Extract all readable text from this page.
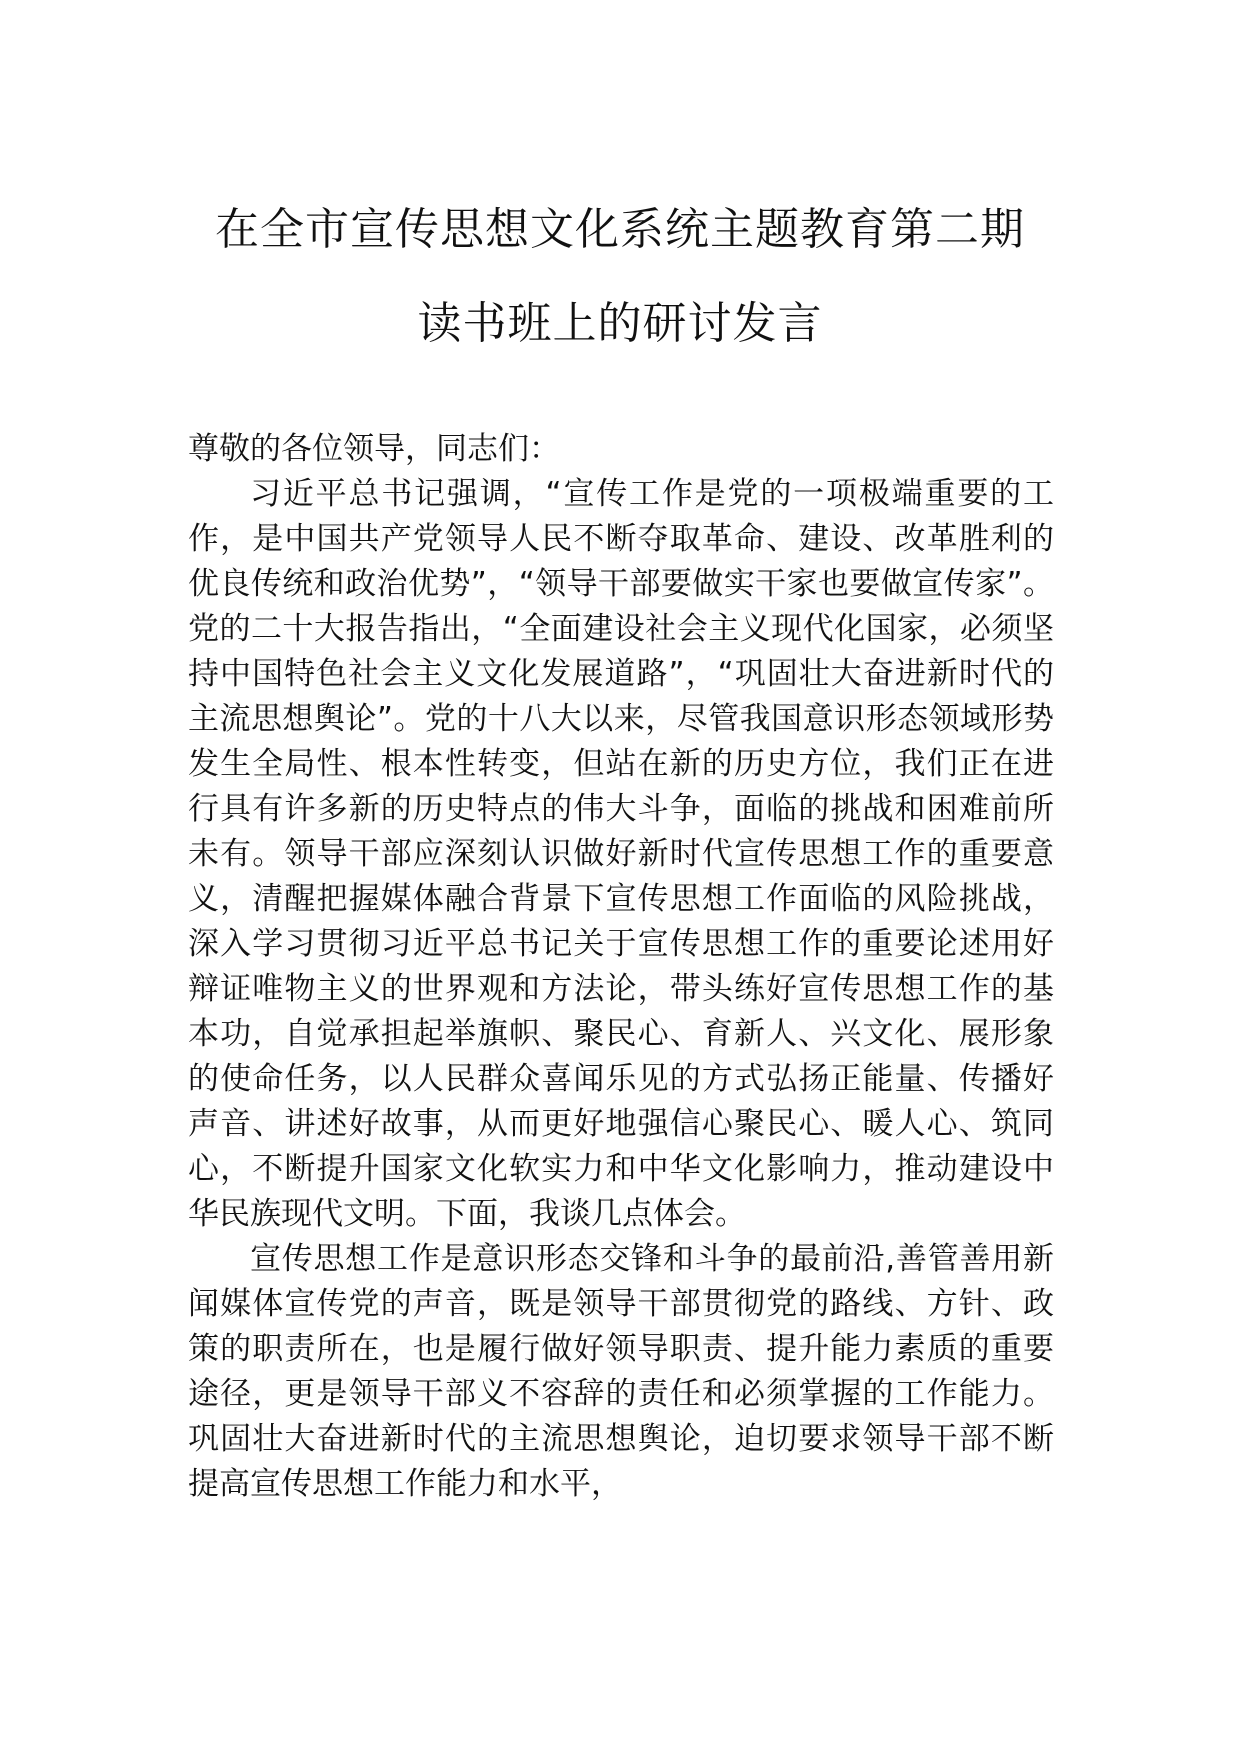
在全市宣传思想文化系统主题教育第二期
读书班上的研讨发言

尊敬的各位领导，同志们：

习近平总书记强调，“宣传工作是党的一项极端重要的工作，是中国共产党领导人民不断夺取革命、建设、改革胜利的优良传统和政治优势”，“领导干部要做实干家也要做宣传家”。党的二十大报告指出，“全面建设社会主义现代化国家，必须坚持中国特色社会主义文化发展道路”，“巩固壮大奋进新时代的主流思想舆论”。党的十八大以来，尽管我国意识形态领域形势发生全局性、根本性转变，但站在新的历史方位，我们正在进行具有许多新的历史特点的伟大斗争，面临的挑战和困难前所未有。领导干部应深刻认识做好新时代宣传思想工作的重要意义，清醒把握媒体融合背景下宣传思想工作面临的风险挑战，深入学习贯彻习近平总书记关于宣传思想工作的重要论述用好辩证唯物主义的世界观和方法论，带头练好宣传思想工作的基本功，自觉承担起举旗帜、聚民心、育新人、兴文化、展形象的使命任务，以人民群众喜闻乐见的方式弘扬正能量、传播好声音、讲述好故事，从而更好地强信心聚民心、暖人心、筑同心，不断提升国家文化软实力和中华文化影响力，推动建设中华民族现代文明。下面，我谈几点体会。

宣传思想工作是意识形态交锋和斗争的最前沿,善管善用新闻媒体宣传党的声音，既是领导干部贯彻党的路线、方针、政策的职责所在，也是履行做好领导职责、提升能力素质的重要途径，更是领导干部义不容辞的责任和必须掌握的工作能力。巩固壮大奋进新时代的主流思想舆论，迫切要求领导干部不断提高宣传思想工作能力和水平，
